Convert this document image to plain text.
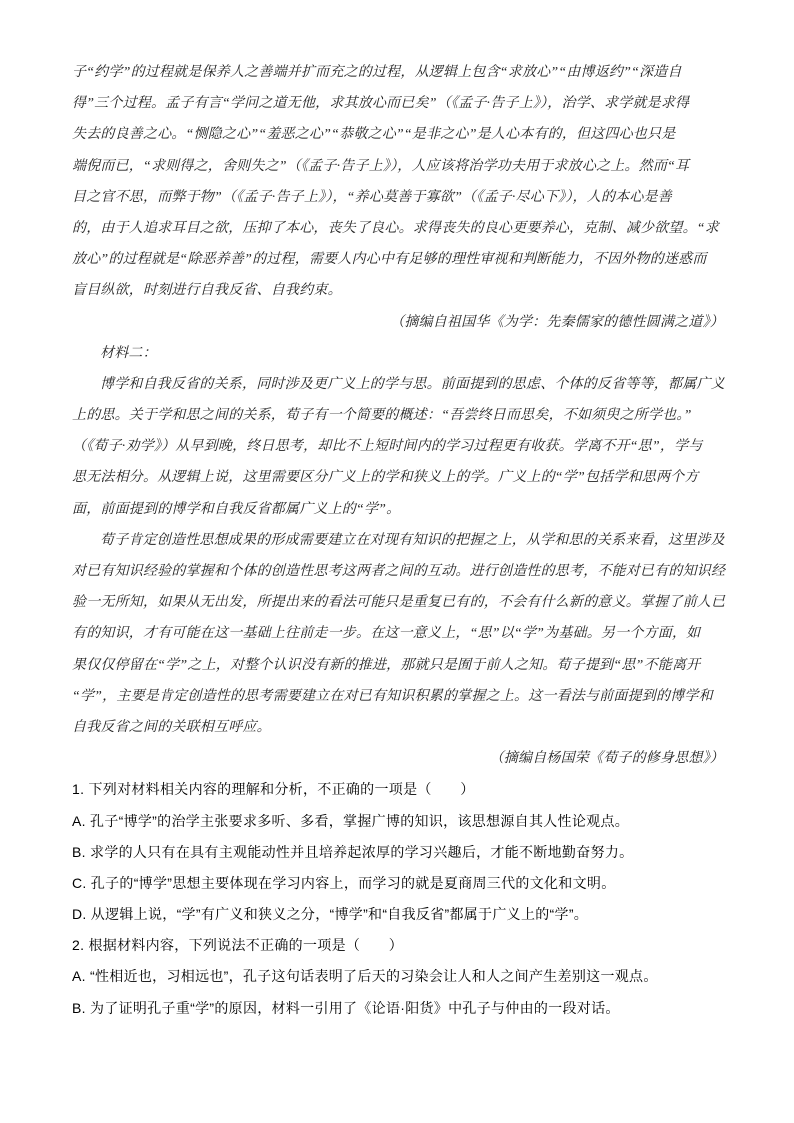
子“约学”的过程就是保养人之善端并扩而充之的过程，从逻辑上包含“求放心”“由博返约”“深造自
得”三个过程。孟子有言“学问之道无他，求其放心而已矣”（《孟子·告子上》），治学、求学就是求得
失去的良善之心。“恻隐之心”“羞恶之心”“恭敬之心”“是非之心”是人心本有的，但这四心也只是
端倪而已，“求则得之，舍则失之”（《孟子·告子上》），人应该将治学功夫用于求放心之上。然而“耳
目之官不思，而弊于物”（《孟子·告子上》），“养心莫善于寡欲”（《孟子·尽心下》），人的本心是善
的，由于人追求耳目之欲，压抑了本心，丧失了良心。求得丧失的良心更要养心，克制、减少欲望。“求
放心”的过程就是“除恶养善”的过程，需要人内心中有足够的理性审视和判断能力，不因外物的迷惑而
盲目纵欲，时刻进行自我反省、自我约束。
（摘编自祖国华《为学：先秦儒家的德性圆满之道》）
材料二：
博学和自我反省的关系，同时涉及更广义上的学与思。前面提到的思虑、个体的反省等等，都属广义
上的思。关于学和思之间的关系，荀子有一个简要的概述：“吾尝终日而思矣，不如须臾之所学也。”
（《荀子·劝学》）从早到晚，终日思考，却比不上短时间内的学习过程更有收获。学离不开“思”，学与
思无法相分。从逻辑上说，这里需要区分广义上的学和狭义上的学。广义上的“学”包括学和思两个方
面，前面提到的博学和自我反省都属广义上的“学”。
荀子肯定创造性思想成果的形成需要建立在对现有知识的把握之上，从学和思的关系来看，这里涉及
对已有知识经验的掌握和个体的创造性思考这两者之间的互动。进行创造性的思考，不能对已有的知识经
验一无所知，如果从无出发，所提出来的看法可能只是重复已有的，不会有什么新的意义。掌握了前人已
有的知识，才有可能在这一基础上往前走一步。在这一意义上，“思”以“学”为基础。另一个方面，如
果仅仅停留在“学”之上，对整个认识没有新的推进，那就只是囿于前人之知。荀子提到“思”不能离开
“学”，主要是肯定创造性的思考需要建立在对已有知识积累的掌握之上。这一看法与前面提到的博学和
自我反省之间的关联相互呼应。
（摘编自杨国荣《荀子的修身思想》）
1. 下列对材料相关内容的理解和分析，不正确的一项是（　　）
A. 孔子“博学”的治学主张要求多听、多看，掌握广博的知识，该思想源自其人性论观点。
B. 求学的人只有在具有主观能动性并且培养起浓厚的学习兴趣后，才能不断地勤奋努力。
C. 孔子的“博学”思想主要体现在学习内容上，而学习的就是夏商周三代的文化和文明。
D. 从逻辑上说，“学”有广义和狭义之分，“博学”和“自我反省”都属于广义上的“学”。
2. 根据材料内容，下列说法不正确的一项是（　　）
A. “性相近也，习相远也”，孔子这句话表明了后天的习染会让人和人之间产生差别这一观点。
B. 为了证明孔子重“学”的原因，材料一引用了《论语·阳货》中孔子与仲由的一段对话。
